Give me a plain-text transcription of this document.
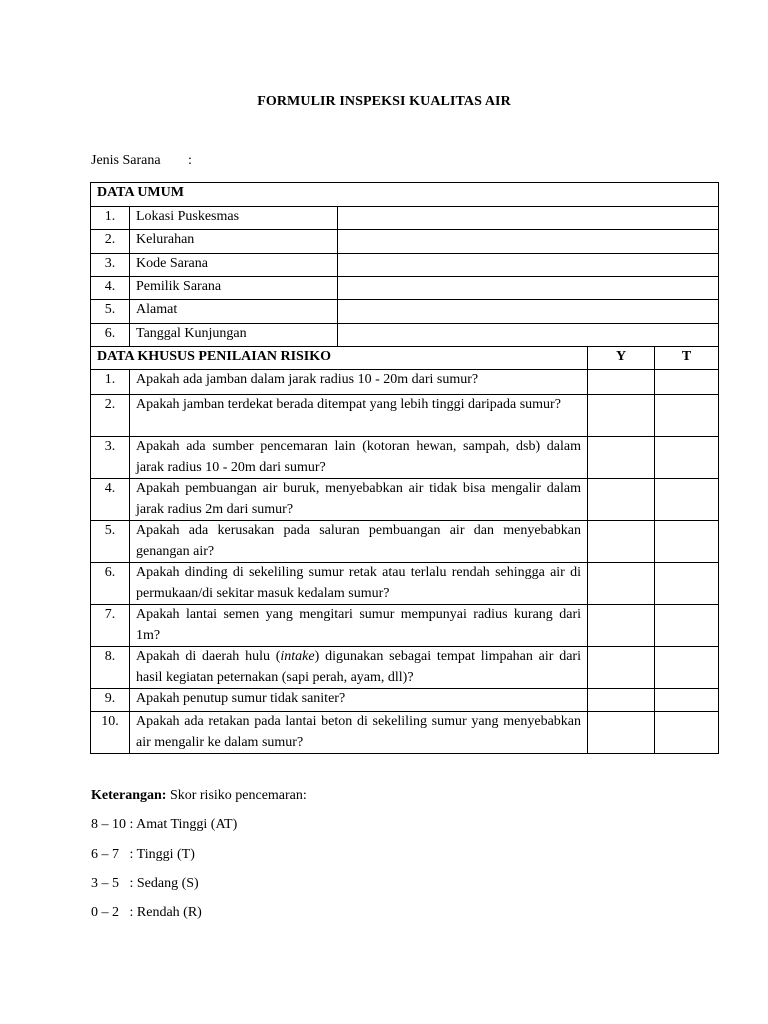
FORMULIR INSPEKSI KUALITAS AIR
Jenis Sarana :
DATA UMUM				
1.	Lokasi Puskesmas			
2.	Kelurahan			
3.	Kode Sarana			
4.	Pemilik Sarana			
5.	Alamat			
6.	Tanggal Kunjungan			
DATA KHUSUS PENILAIAN RISIKO			Y	T
1.	Apakah ada jamban dalam jarak radius 10 - 20m dari sumur?			
2.	Apakah jamban terdekat berada ditempat yang lebih tinggi daripada sumur?			
3.	Apakah ada sumber pencemaran lain (kotoran hewan, sampah, dsb) dalam jarak radius 10 - 20m dari sumur?			
4.	Apakah pembuangan air buruk, menyebabkan air tidak bisa mengalir dalam jarak radius 2m dari sumur?			
5.	Apakah ada kerusakan pada saluran pembuangan air dan menyebabkan genangan air?			
6.	Apakah dinding di sekeliling sumur retak atau terlalu rendah sehingga air di permukaan/di sekitar masuk kedalam sumur?			
7.	Apakah lantai semen yang mengitari sumur mempunyai radius kurang dari 1m?			
8.	Apakah di daerah hulu (intake) digunakan sebagai tempat limpahan air dari hasil kegiatan peternakan (sapi perah, ayam, dll)?			
9.	Apakah penutup sumur tidak saniter?			
10.	Apakah ada retakan pada lantai beton di sekeliling sumur yang menyebabkan air mengalir ke dalam sumur?			
Keterangan: Skor risiko pencemaran:
8 – 10 : Amat Tinggi (AT)
6 – 7   : Tinggi (T)
3 – 5   : Sedang (S)
0 – 2   : Rendah (R)
